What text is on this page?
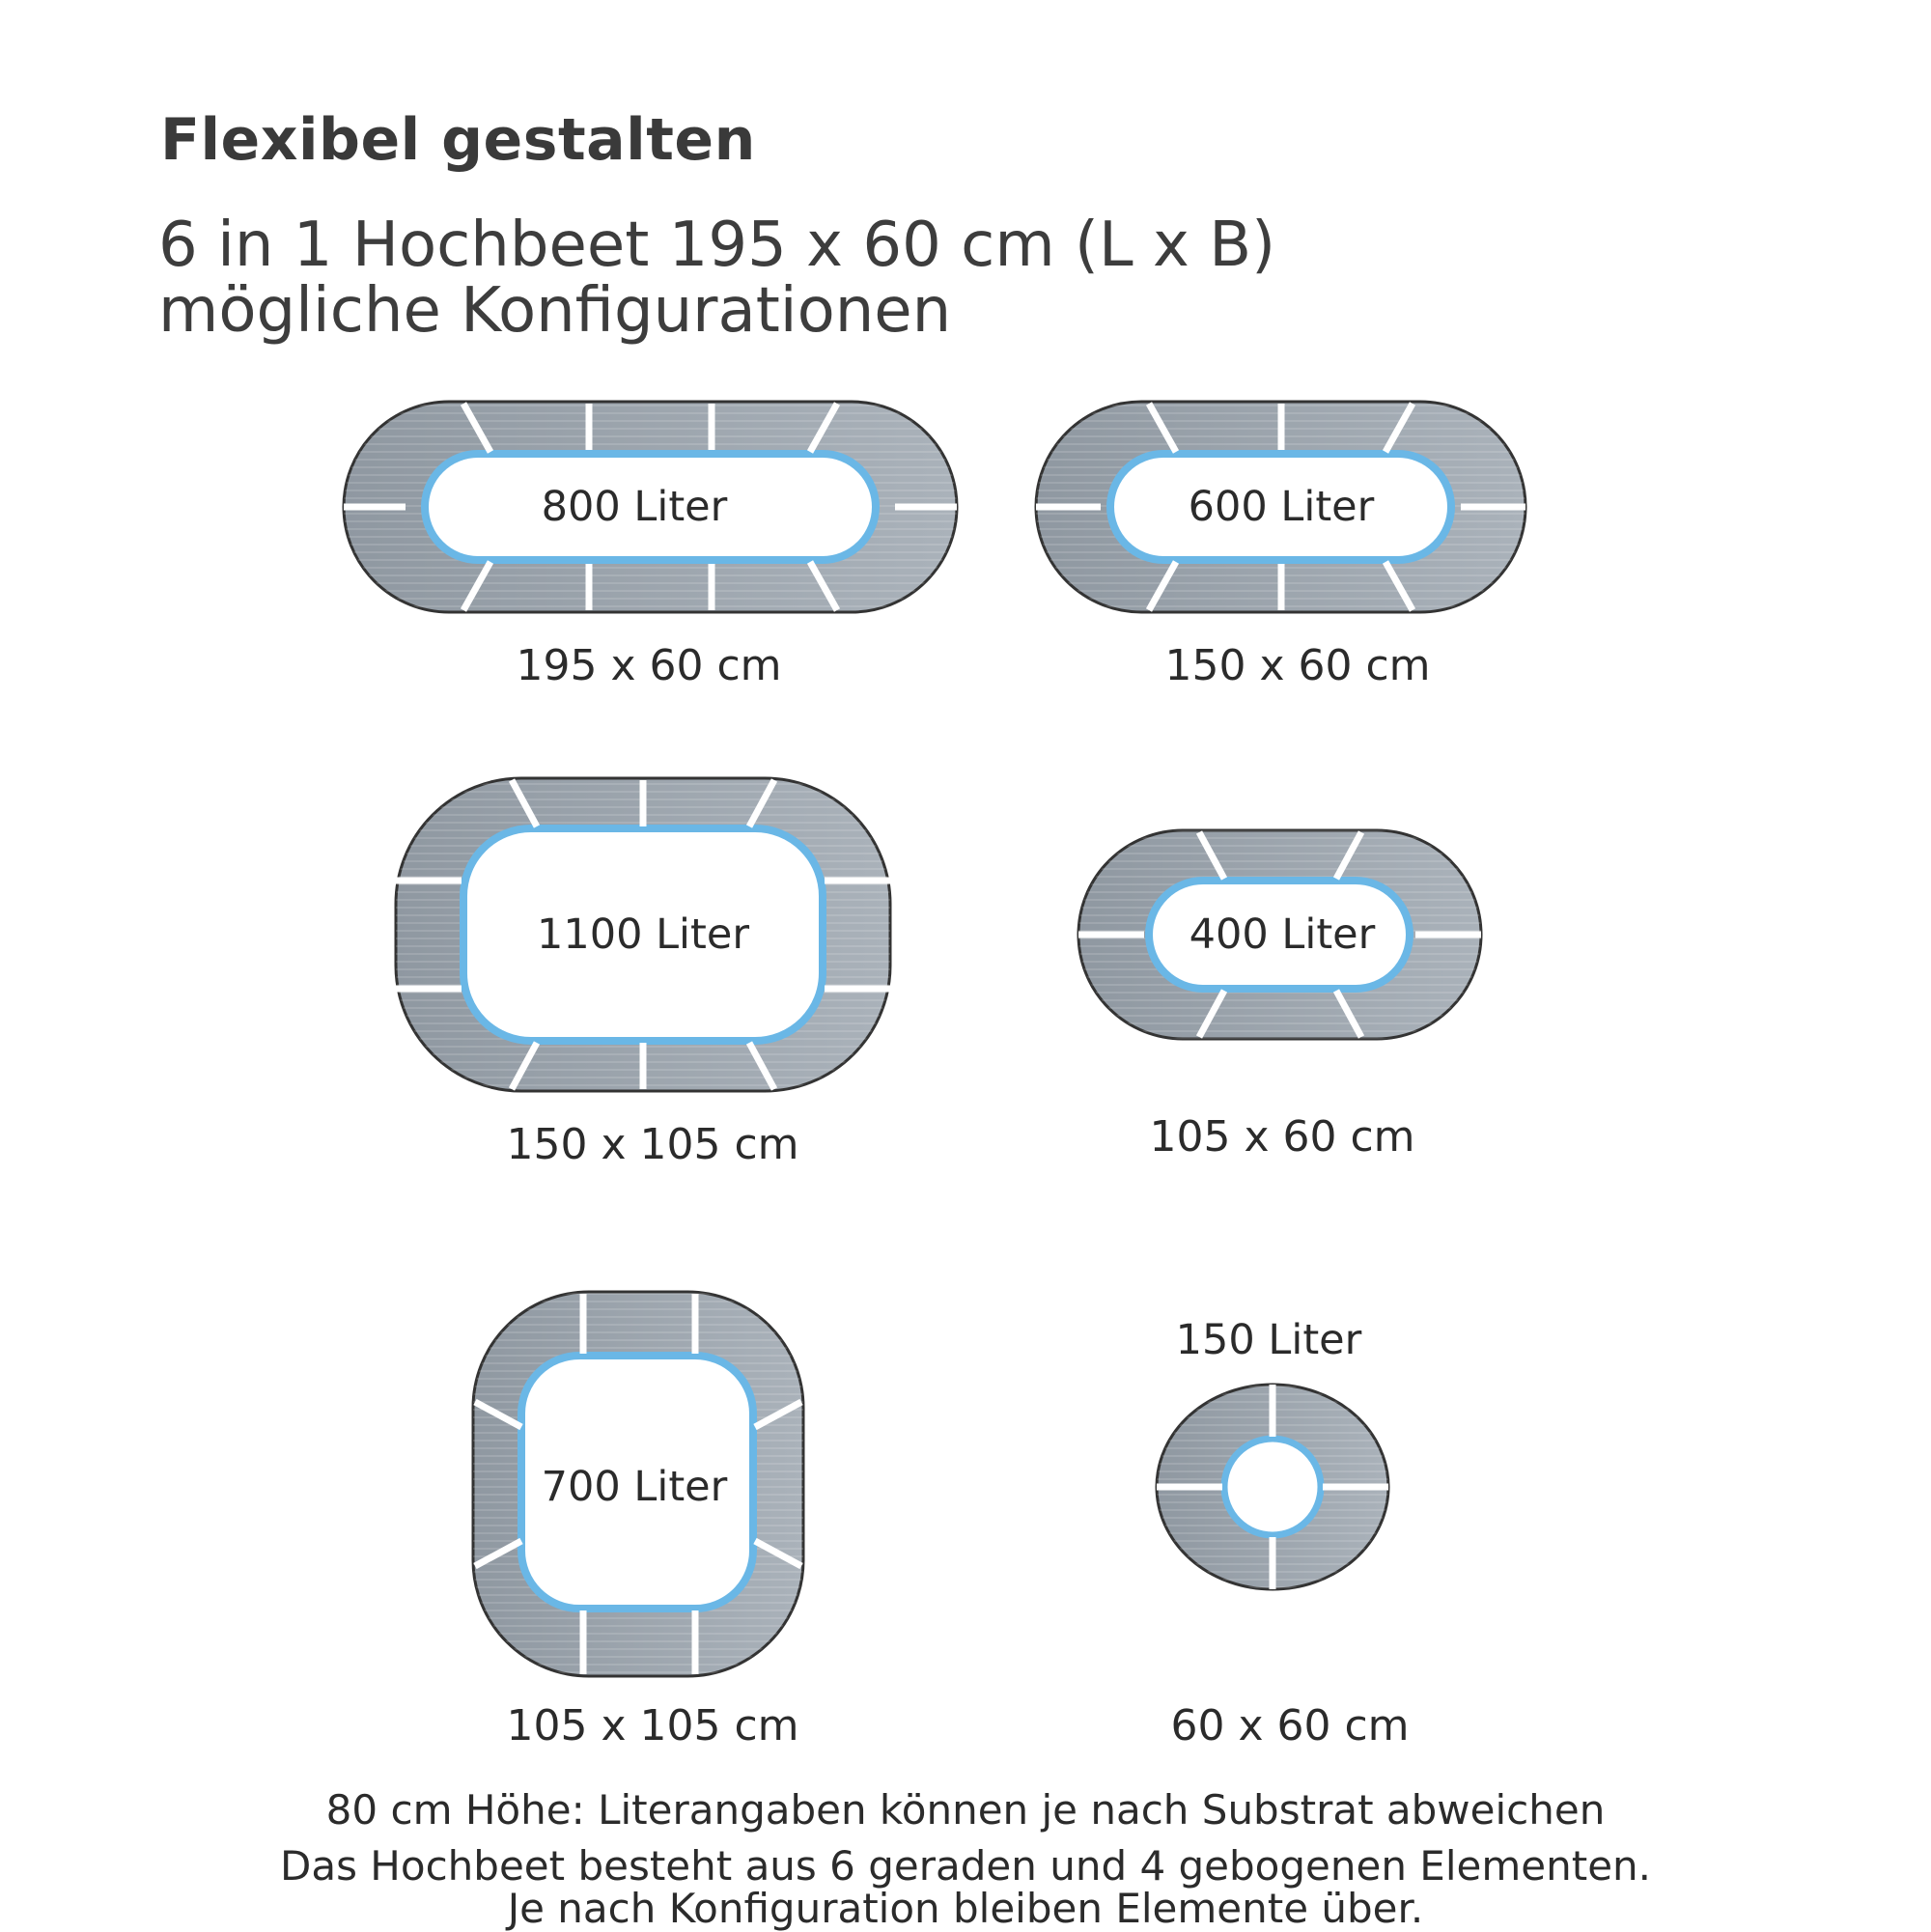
Flexibel gestalten
6 in 1 Hochbeet 195 x 60 cm (L x B)
mögliche Konfigurationen
800 Liter
195 x 60 cm
600 Liter
150 x 60 cm
1100 Liter
150 x 105 cm
400 Liter
105 x 60 cm
700 Liter
105 x 105 cm
150 Liter
60 x 60 cm
80 cm Höhe: Literangaben können je nach Substrat abweichen
Das Hochbeet besteht aus 6 geraden und 4 gebogenen Elementen.
Je nach Konfiguration bleiben Elemente über.
